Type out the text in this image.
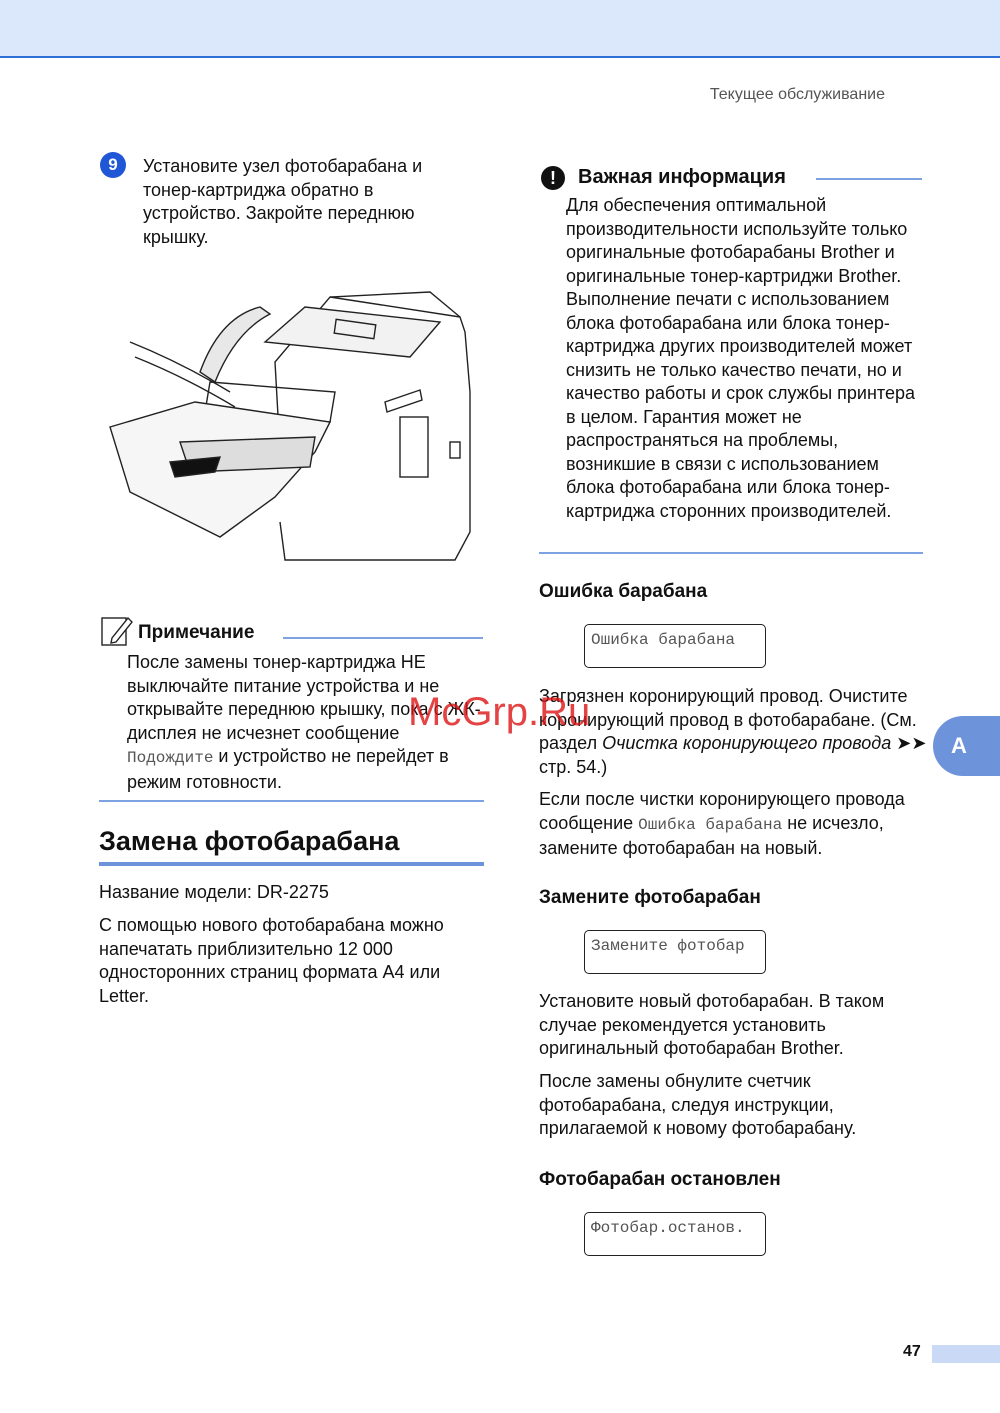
Текущее обслуживание
9	Установите узел фотобарабана и тонер-картриджа обратно в устройство. Закройте переднюю крышку.
Примечание
После замены тонер-картриджа НЕ выключайте питание устройства и не открывайте переднюю крышку, пока с ЖК-дисплея не исчезнет сообщение Подождите и устройство не перейдет в режим готовности.
Замена фотобарабана
Название модели: DR-2275
С помощью нового фотобарабана можно напечатать приблизительно 12 000 односторонних страниц формата A4 или Letter.
!	Важная информация
Для обеспечения оптимальной производительности используйте только оригинальные фотобарабаны Brother и оригинальные тонер-картриджи Brother. Выполнение печати с использованием блока фотобарабана или блока тонер-картриджа других производителей может снизить не только качество печати, но и качество работы и срок службы принтера в целом. Гарантия может не распространяться на проблемы, возникшие в связи с использованием блока фотобарабана или блока тонер-картриджа сторонних производителей.
Ошибка барабана
Ошибка барабана
Загрязнен коронирующий провод. Очистите коронирующий провод в фотобарабане. (См. раздел Очистка коронирующего провода ➤➤ стр. 54.)
Если после чистки коронирующего провода сообщение Ошибка барабана не исчезло, замените фотобарабан на новый.
Замените фотобарабан
Замените фотобар
Установите новый фотобарабан. В таком случае рекомендуется установить оригинальный фотобарабан Brother.
После замены обнулите счетчик фотобарабана, следуя инструкции, прилагаемой к новому фотобарабану.
Фотобарабан остановлен
Фотобар.останов.
A
47
McGrp.Ru
